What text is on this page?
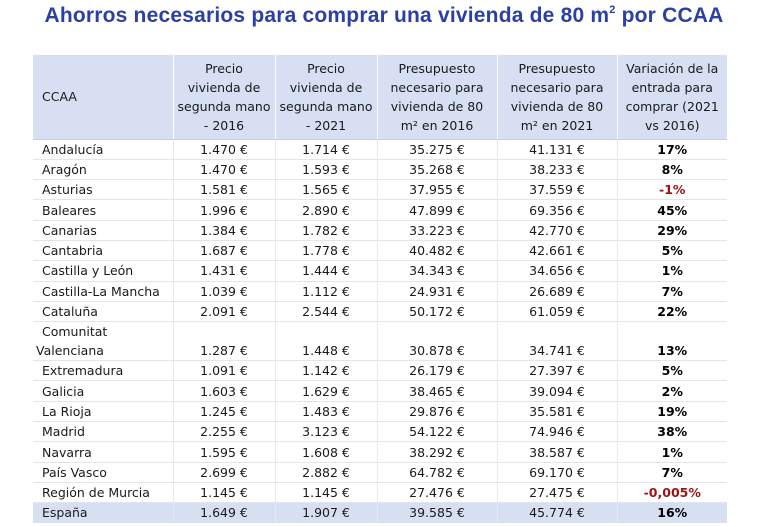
Ahorros necesarios para comprar una vivienda de 80 $m^2$ por CCAA
CCAA	Precio vivienda de segunda mano - 2016	Precio vivienda de segunda mano - 2021	Presupuesto necesario para vivienda de 80 m² en 2016	Presupuesto necesario para vivienda de 80 m² en 2021	Variación de la entrada para comprar (2021 vs 2016)
Andalucía	1.470 €	1.714 €	35.275 €	41.131 €	17%
Aragón	1.470 €	1.593 €	35.268 €	38.233 €	8%
Asturias	1.581 €	1.565 €	37.955 €	37.559 €	-1%
Baleares	1.996 €	2.890 €	47.899 €	69.356 €	45%
Canarias	1.384 €	1.782 €	33.223 €	42.770 €	29%
Cantabria	1.687 €	1.778 €	40.482 €	42.661 €	5%
Castilla y León	1.431 €	1.444 €	34.343 €	34.656 €	1%
Castilla-La Mancha	1.039 €	1.112 €	24.931 €	26.689 €	7%
Cataluña	2.091 €	2.544 €	50.172 €	61.059 €	22%
Comunitat
Valenciana	1.287 €	1.448 €	30.878 €	34.741 €	13%
Extremadura	1.091 €	1.142 €	26.179 €	27.397 €	5%
Galicia	1.603 €	1.629 €	38.465 €	39.094 €	2%
La Rioja	1.245 €	1.483 €	29.876 €	35.581 €	19%
Madrid	2.255 €	3.123 €	54.122 €	74.946 €	38%
Navarra	1.595 €	1.608 €	38.292 €	38.587 €	1%
País Vasco	2.699 €	2.882 €	64.782 €	69.170 €	7%
Región de Murcia	1.145 €	1.145 €	27.476 €	27.475 €	-0,005%
España	1.649 €	1.907 €	39.585 €	45.774 €	16%
